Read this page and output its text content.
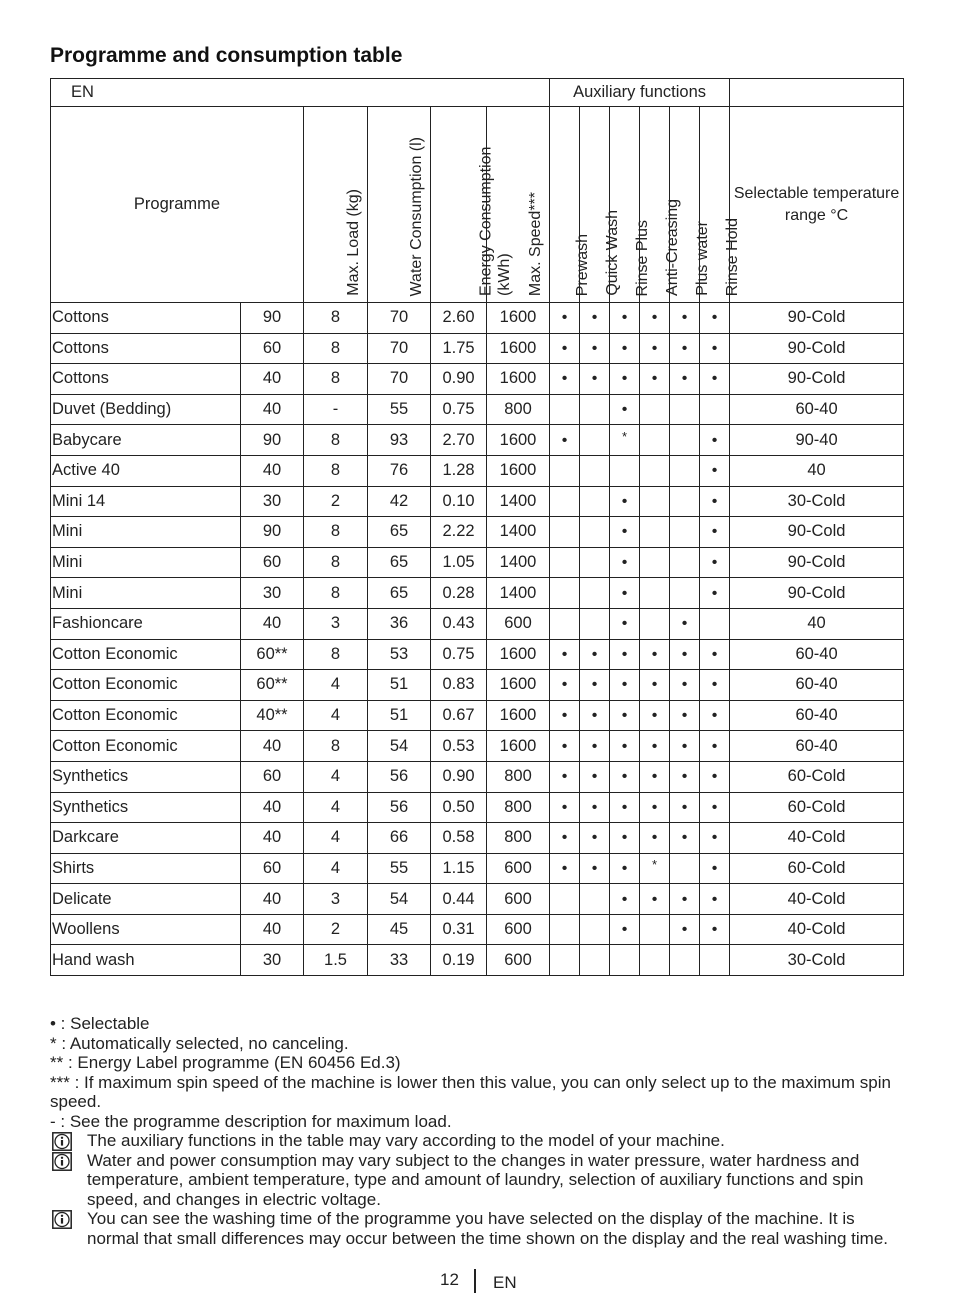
Programme and consumption table
EN						Auxiliary functions						
Programme		Max. Load (kg)	Water Consumption (l)	Energy Consumption (kWh)	Max. Speed***	Prewash	Quick Wash	Rinse Plus	Anti-Creasing	Plus water	Rinse Hold	Selectable temperature range °C
Cottons	90	8	70	2.60	1600	•	•	•	•	•	•	90-Cold
Cottons	60	8	70	1.75	1600	•	•	•	•	•	•	90-Cold
Cottons	40	8	70	0.90	1600	•	•	•	•	•	•	90-Cold
Duvet (Bedding)	40	-	55	0.75	800			•				60-40
Babycare	90	8	93	2.70	1600	•		*			•	90-40
Active 40	40	8	76	1.28	1600						•	40
Mini 14	30	2	42	0.10	1400			•			•	30-Cold
Mini	90	8	65	2.22	1400			•			•	90-Cold
Mini	60	8	65	1.05	1400			•			•	90-Cold
Mini	30	8	65	0.28	1400			•			•	90-Cold
Fashioncare	40	3	36	0.43	600			•		•		40
Cotton Economic	60**	8	53	0.75	1600	•	•	•	•	•	•	60-40
Cotton Economic	60**	4	51	0.83	1600	•	•	•	•	•	•	60-40
Cotton Economic	40**	4	51	0.67	1600	•	•	•	•	•	•	60-40
Cotton Economic	40	8	54	0.53	1600	•	•	•	•	•	•	60-40
Synthetics	60	4	56	0.90	800	•	•	•	•	•	•	60-Cold
Synthetics	40	4	56	0.50	800	•	•	•	•	•	•	60-Cold
Darkcare	40	4	66	0.58	800	•	•	•	•	•	•	40-Cold
Shirts	60	4	55	1.15	600	•	•	•	*		•	60-Cold
Delicate	40	3	54	0.44	600			•	•	•	•	40-Cold
Woollens	40	2	45	0.31	600			•		•	•	40-Cold
Hand wash	30	1.5	33	0.19	600							30-Cold

• : Selectable

* : Automatically selected, no canceling.

** : Energy Label programme (EN 60456 Ed.3)

*** : If maximum spin speed of the machine is lower then this value, you can only select up to the maximum spin speed.

- : See the programme description for maximum load.

The auxiliary functions in the table may vary according to the model of your machine.
Water and power consumption may vary subject to the changes in water pressure, water hardness and temperature, ambient temperature, type and amount of laundry, selection of auxiliary functions and spin speed, and changes in electric voltage.
You can see the washing time of the programme you have selected on the display of the machine. It is normal that small differences may occur between the time shown on the display and the real washing time.
12 EN
